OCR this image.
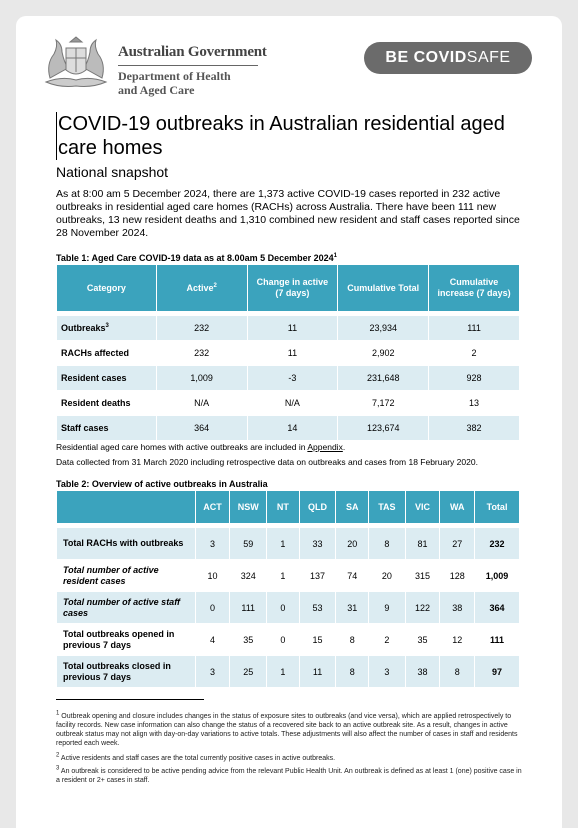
Australian Government
Department of Health
and Aged Care
BE COVIDSAFE
COVID-19 outbreaks in Australian residential aged care homes
National snapshot
As at 8:00 am 5 December 2024, there are 1,373 active COVID-19 cases reported in 232 active outbreaks in residential aged care homes (RACHs) across Australia. There have been 111 new outbreaks, 13 new resident deaths and 1,310 combined new resident and staff cases reported since 28 November 2024.
Table 1: Aged Care COVID-19 data as at 8.00am 5 December 2024$^1$
Category	Active$^2$	Change in active (7 days)	Cumulative Total	Cumulative increase (7 days)

Outbreaks$^3$	232	11	23,934	111
RACHs affected	232	11	2,902	2
Resident cases	1,009	-3	231,648	928
Resident deaths	N/A	N/A	7,172	13
Staff cases	364	14	123,674	382
Residential aged care homes with active outbreaks are included in Appendix.
Data collected from 31 March 2020 including retrospective data on outbreaks and cases from 18 February 2020.
Table 2: Overview of active outbreaks in Australia
	ACT	NSW	NT	QLD	SA	TAS	VIC	WA	Total

Total RACHs with outbreaks	3	59	1	33	20	8	81	27	232
Total number of active resident cases	10	324	1	137	74	20	315	128	1,009
Total number of active staff cases	0	111	0	53	31	9	122	38	364
Total outbreaks opened in previous 7 days	4	35	0	15	8	2	35	12	111
Total outbreaks closed in previous 7 days	3	25	1	11	8	3	38	8	97
$^1$ Outbreak opening and closure includes changes in the status of exposure sites to outbreaks (and vice versa), which are applied retrospectively to facility records. New case information can also change the status of a recovered site back to an active outbreak site. As a result, changes in active outbreak status may not align with day-on-day variations to active totals. These adjustments will also affect the number of cases in staff and residents reported each week.
$^2$ Active residents and staff cases are the total currently positive cases in active outbreaks.
$^3$ An outbreak is considered to be active pending advice from the relevant Public Health Unit. An outbreak is defined as at least 1 (one) positive case in a resident or 2+ cases in staff.
